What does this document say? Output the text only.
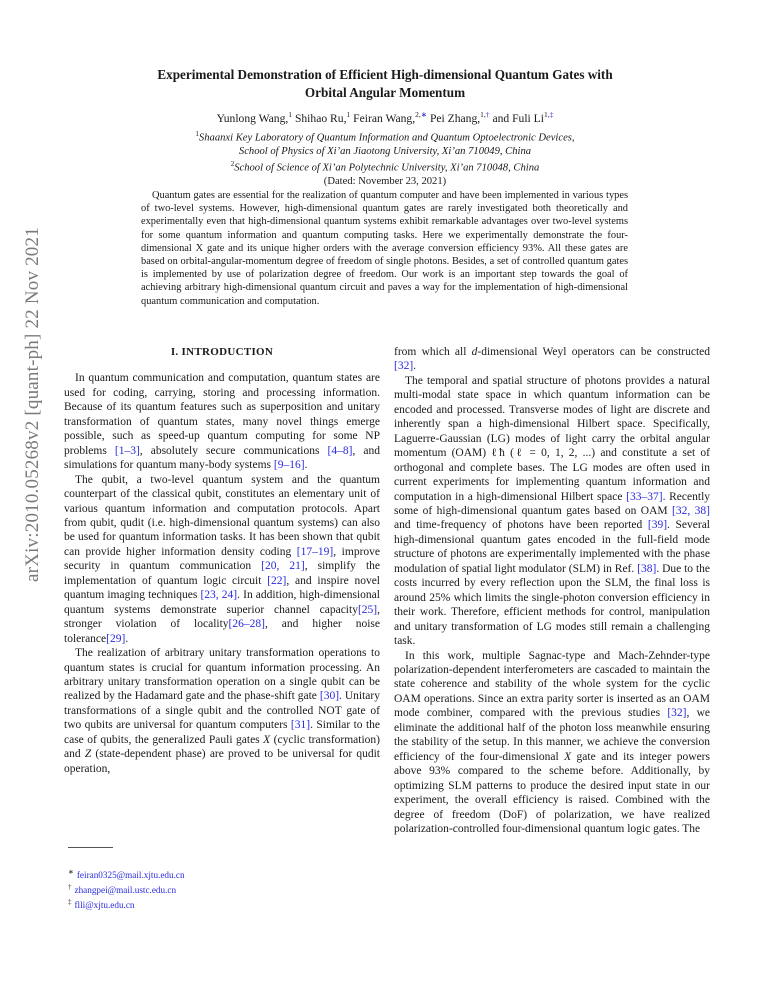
arXiv:2010.05268v2 [quant-ph] 22 Nov 2021
Experimental Demonstration of Efficient High-dimensional Quantum Gates with
Orbital Angular Momentum
Yunlong Wang,$^1$ Shihao Ru,$^1$ Feiran Wang,$^{2,∗}$ Pei Zhang,$^{1,\dagger}$ and Fuli $Li^{1,\ddagger}$
$^1$Shaanxi Key Laboratory of Quantum Information and Quantum Optoelectronic Devices,
School of Physics of Xi’an Jiaotong University, Xi’an 710049, China
$^2$School of Science of Xi’an Polytechnic University, Xi’an 710048, China
(Dated: November 23, 2021)
Quantum gates are essential for the realization of quantum computer and have been implemented in various types of two-level systems. However, high-dimensional quantum gates are rarely investigated both theoretically and experimentally even that high-dimensional quantum systems exhibit remarkable advantages over two-level systems for some quantum information and quantum computing tasks. Here we experimentally demonstrate the four-dimensional X gate and its unique higher orders with the average conversion efficiency 93%. All these gates are based on orbital-angular-momentum degree of freedom of single photons. Besides, a set of controlled quantum gates is implemented by use of polarization degree of freedom. Our work is an important step towards the goal of achieving arbitrary high-dimensional quantum circuit and paves a way for the implementation of high-dimensional quantum communication and computation.
I. INTRODUCTION

In quantum communication and computation, quantum states are used for coding, carrying, storing and processing information. Because of its quantum features such as superposition and unitary transformation of quantum states, many novel things emerge possible, such as speed-up quantum computing for some NP problems [1–3], absolutely secure communications [4–8], and simulations for quantum many-body systems [9–16].

The qubit, a two-level quantum system and the quantum counterpart of the classical qubit, constitutes an elementary unit of various quantum information and computation protocols. Apart from qubit, qudit (i.e. high-dimensional quantum systems) can also be used for quantum information tasks. It has been shown that qubit can provide higher information density coding [17–19], improve security in quantum communication [20, 21], simplify the implementation of quantum logic circuit [22], and inspire novel quantum imaging techniques [23, 24]. In addition, high-dimensional quantum systems demonstrate superior channel capacity[25], stronger violation of locality[26–28], and higher noise tolerance[29].

The realization of arbitrary unitary transformation operations to quantum states is crucial for quantum information processing. An arbitrary unitary transformation operation on a single qubit can be realized by the Hadamard gate and the phase-shift gate [30]. Unitary transformations of a single qubit and the controlled NOT gate of two qubits are universal for quantum computers [31]. Similar to the case of qubits, the generalized Pauli gates X (cyclic transformation) and Z (state-dependent phase) are proved to be universal for qudit operation,

from which all d-dimensional Weyl operators can be constructed [32].

The temporal and spatial structure of photons provides a natural multi-modal state space in which quantum information can be encoded and processed. Transverse modes of light are discrete and inherently span a high-dimensional Hilbert space. Specifically, Laguerre-Gaussian (LG) modes of light carry the orbital angular momentum (OAM) ℓħ (ℓ = 0, 1, 2, ...) and constitute a set of orthogonal and complete bases. The LG modes are often used in current experiments for implementing quantum information and computation in a high-dimensional Hilbert space [33–37]. Recently some of high-dimensional quantum gates based on OAM [32, 38] and time-frequency of photons have been reported [39]. Several high-dimensional quantum gates encoded in the full-field mode structure of photons are experimentally implemented with the phase modulation of spatial light modulator (SLM) in Ref. [38]. Due to the costs incurred by every reflection upon the SLM, the final loss is around 25% which limits the single-photon conversion efficiency in their work. Therefore, efficient methods for control, manipulation and unitary transformation of LG modes still remain a challenging task.

In this work, multiple Sagnac-type and Mach-Zehnder-type polarization-dependent interferometers are cascaded to maintain the state coherence and stability of the whole system for the cyclic OAM operations. Since an extra parity sorter is inserted as an OAM mode combiner, compared with the previous studies [32], we eliminate the additional half of the photon loss meanwhile ensuring the stability of the setup. In this manner, we achieve the conversion efficiency of the four-dimensional X gate and its integer powers above 93% compared to the scheme before. Additionally, by optimizing SLM patterns to produce the desired input state in our experiment, the overall efficiency is raised. Combined with the degree of freedom (DoF) of polarization, we have realized polarization-controlled four-dimensional quantum logic gates. The

∗ feiran0325@mail.xjtu.edu.cn
† zhangpei@mail.ustc.edu.cn
‡ flli@xjtu.edu.cn
